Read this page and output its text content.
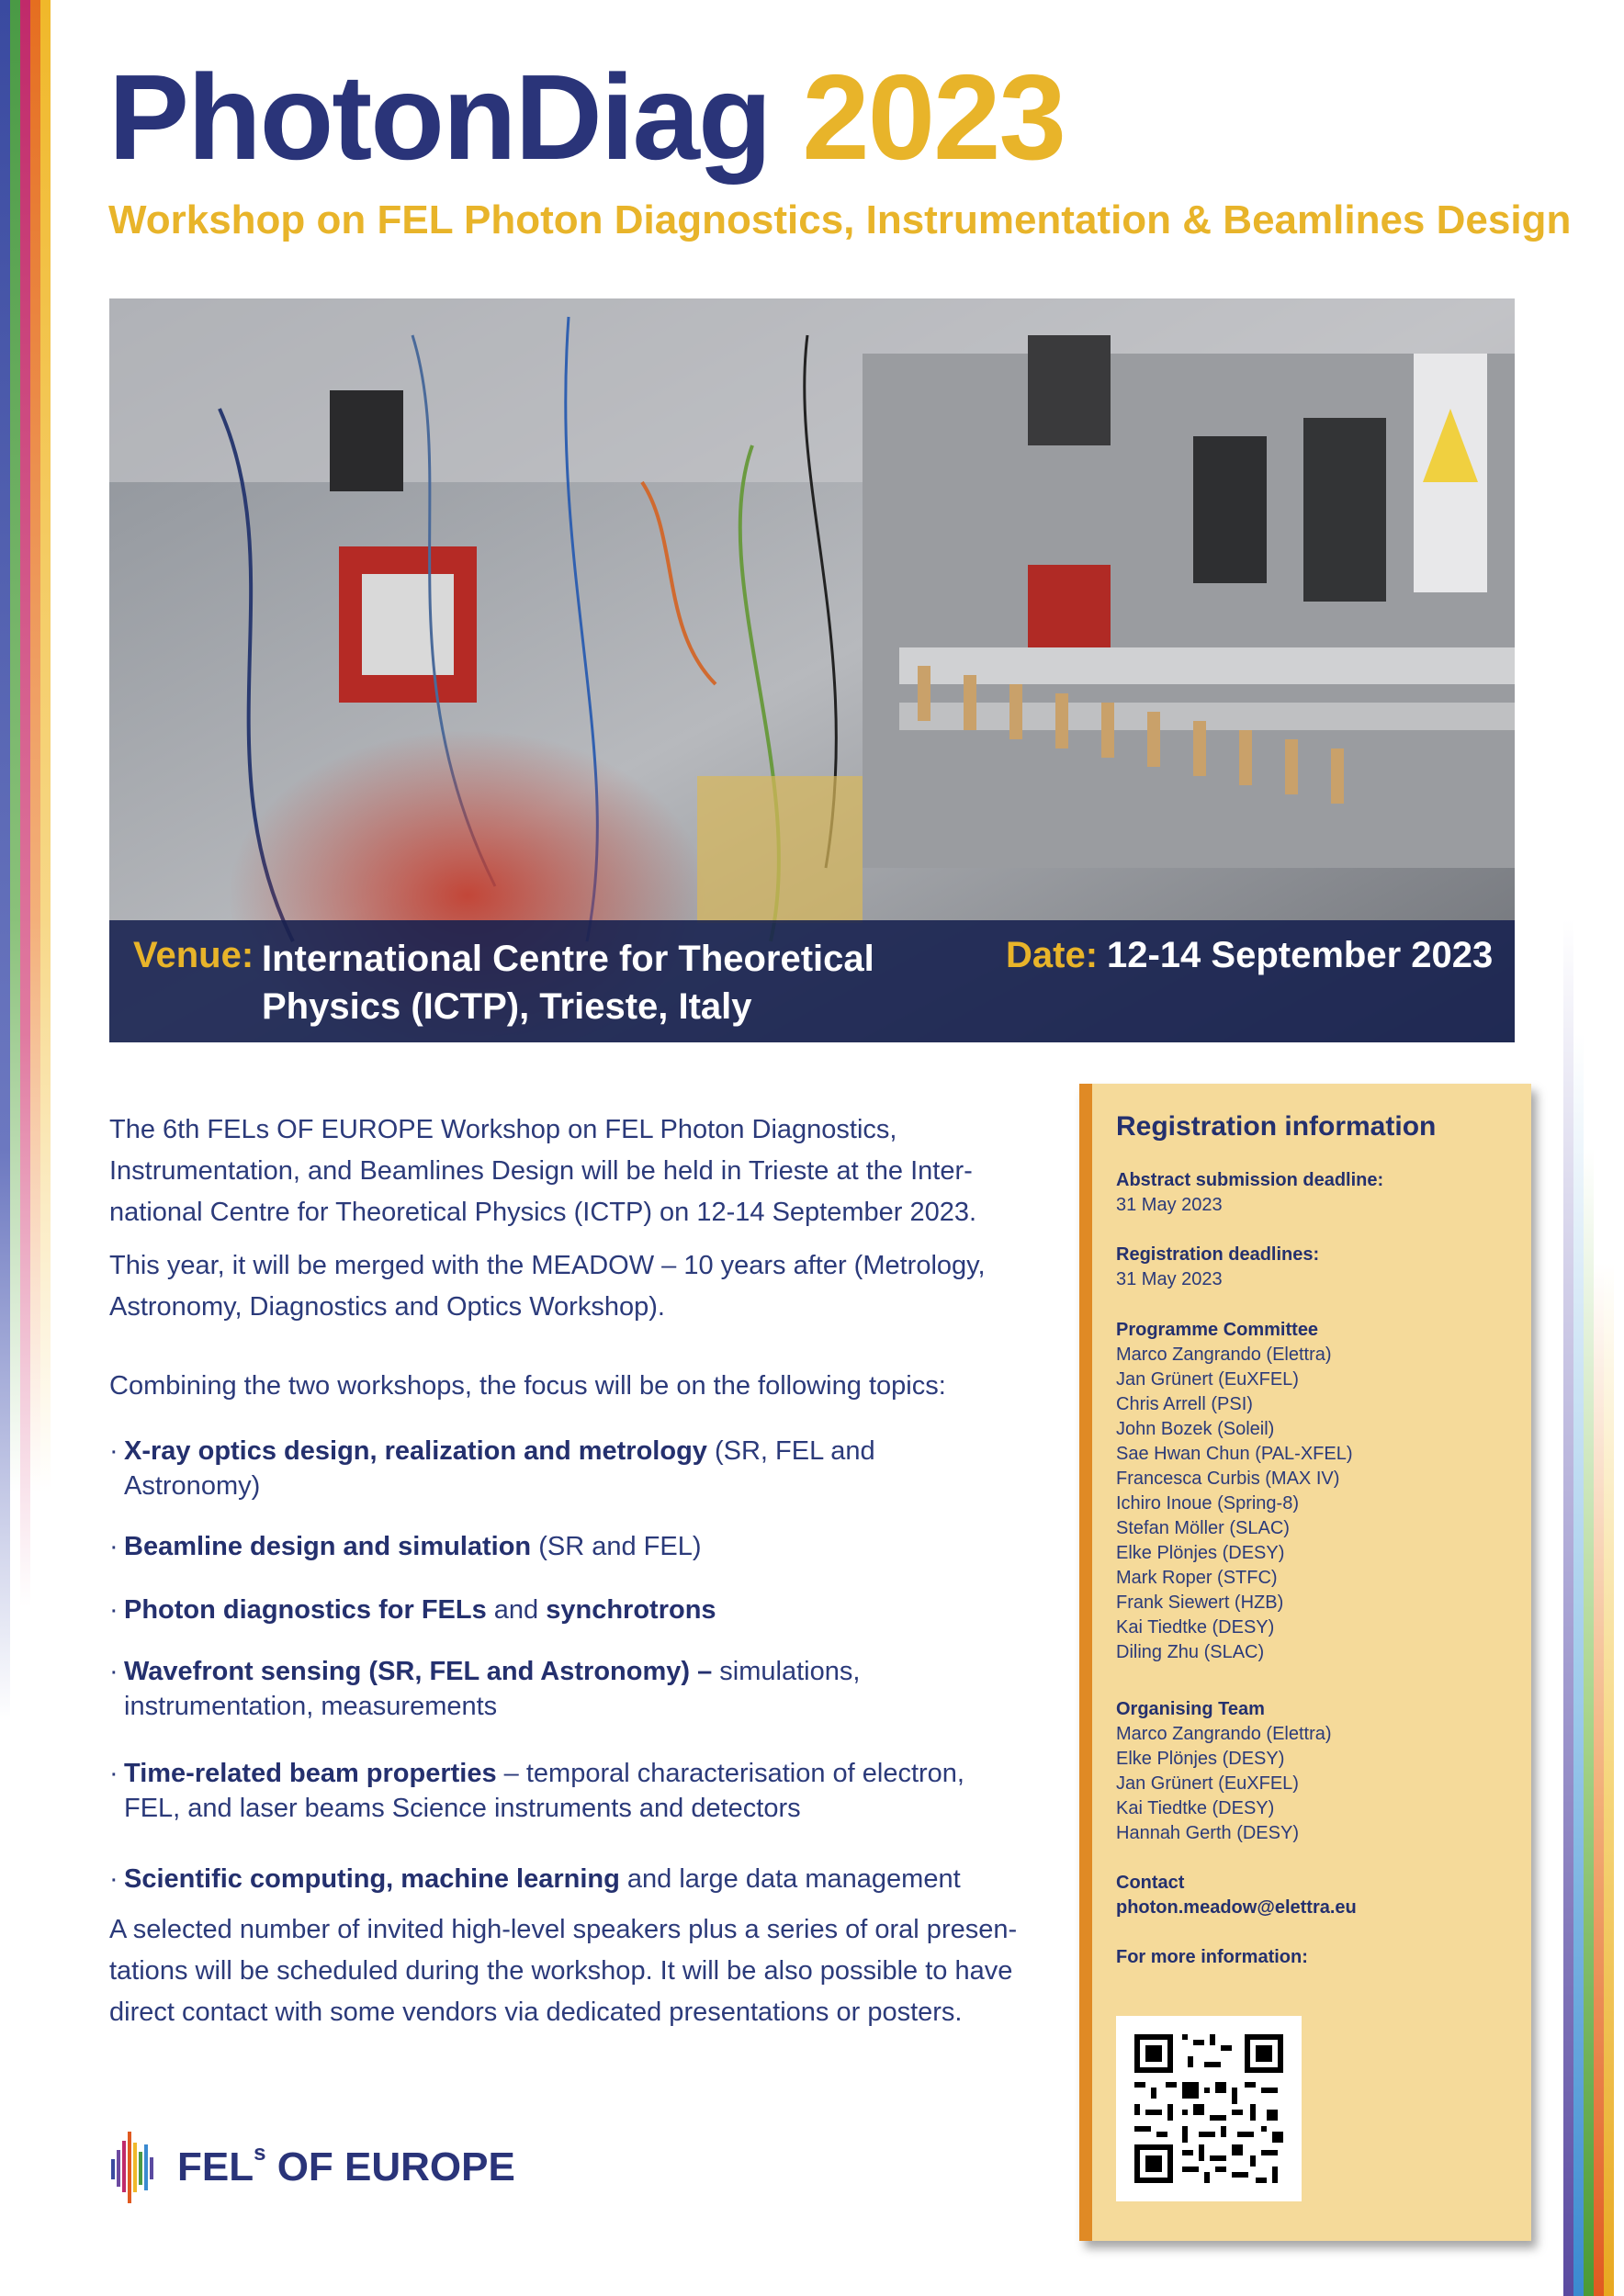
PhotonDiag 2023
Workshop on FEL Photon Diagnostics, Instrumentation & Beamlines Design
Venue: International Centre for Theoretical
Physics (ICTP), Trieste, Italy
Date: 12-14 September 2023
The 6th FELs OF EUROPE Workshop on FEL Photon Diagnostics,
Instrumentation, and Beamlines Design will be held in Trieste at the Inter-
national Centre for Theoretical Physics (ICTP) on 12-14 September 2023.
This year, it will be merged with the MEADOW – 10 years after (Metrology,
Astronomy, Diagnostics and Optics Workshop).
Combining the two workshops, the focus will be on the following topics:
· X-ray optics design, realization and metrology (SR, FEL and
Astronomy)
· Beamline design and simulation (SR and FEL)
· Photon diagnostics for FELs and synchrotrons
· Wavefront sensing (SR, FEL and Astronomy) – simulations,
instrumentation, measurements
· Time-related beam properties – temporal characterisation of electron,
FEL, and laser beams Science instruments and detectors
· Scientific computing, machine learning and large data management
A selected number of invited high-level speakers plus a series of oral presen-
tations will be scheduled during the workshop. It will be also possible to have
direct contact with some vendors via dedicated presentations or posters.
Registration information
Abstract submission deadline:
31 May 2023
Registration deadlines:
31 May 2023
Programme Committee
Marco Zangrando (Elettra)
Jan Grünert (EuXFEL)
Chris Arrell (PSI)
John Bozek (Soleil)
Sae Hwan Chun (PAL-XFEL)
Francesca Curbis (MAX IV)
Ichiro Inoue (Spring-8)
Stefan Möller (SLAC)
Elke Plönjes (DESY)
Mark Roper (STFC)
Frank Siewert (HZB)
Kai Tiedtke (DESY)
Diling Zhu (SLAC)
Organising Team
Marco Zangrando (Elettra)
Elke Plönjes (DESY)
Jan Grünert (EuXFEL)
Kai Tiedtke (DESY)
Hannah Gerth (DESY)
Contact
photon.meadow@elettra.eu
For more information:
FEL$^s$ OF EUROPE
